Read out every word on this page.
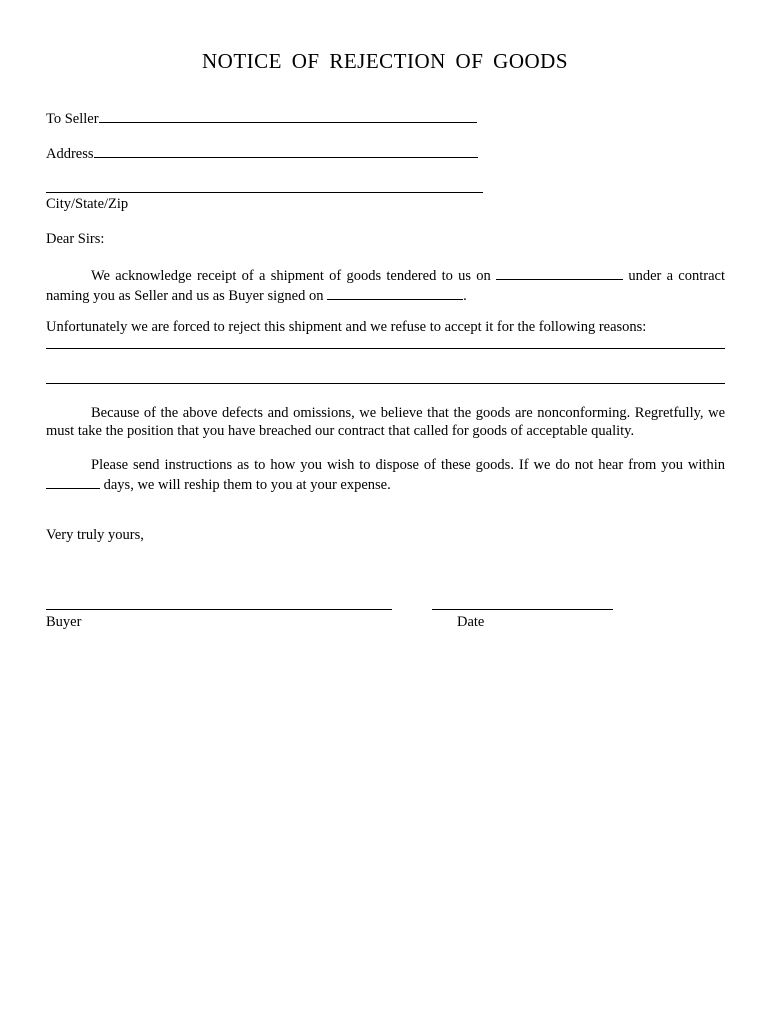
NOTICE OF REJECTION OF GOODS
To Seller
Address
City/State/Zip
Dear Sirs:
We acknowledge receipt of a shipment of goods tendered to us on	under a contract naming you as Seller and us as Buyer signed on	.
Unfortunately we are forced to reject this shipment and we refuse to accept it for the following reasons:
Because of the above defects and omissions, we believe that the goods are nonconforming. Regretfully, we must take the position that you have breached our contract that called for goods of acceptable quality.
Please send instructions as to how you wish to dispose of these goods. If we do not hear from you within  days, we will reship them to you at your expense.
Very truly yours,
Buyer	Date
